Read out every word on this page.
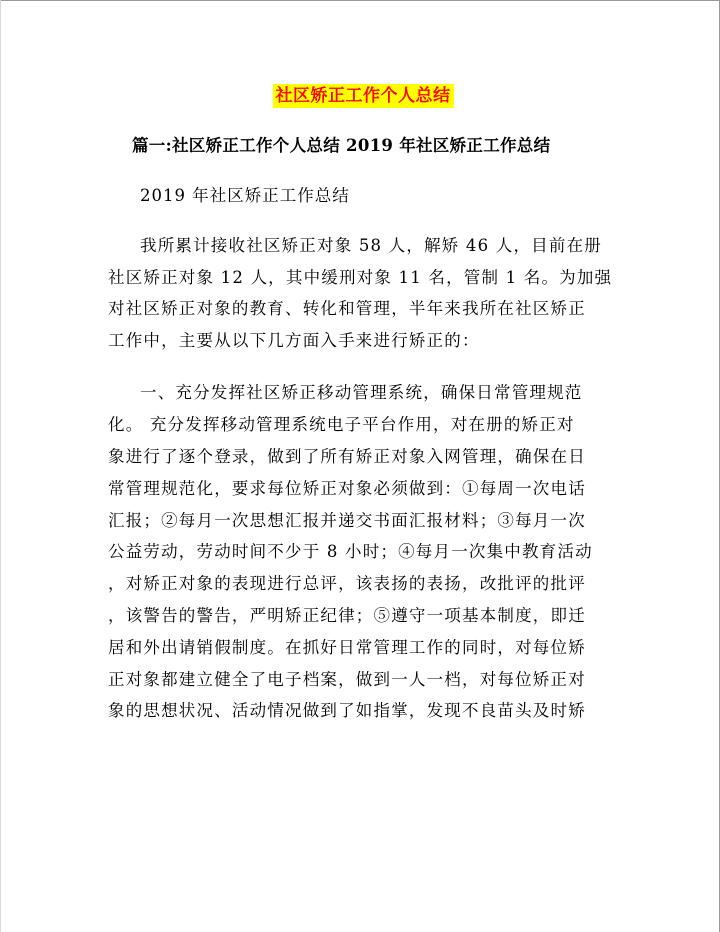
社区矫正工作个人总结
篇一:社区矫正工作个人总结 2019 年社区矫正工作总结
2019 年社区矫正工作总结
我所累计接收社区矫正对象 58 人，解矫 46 人，目前在册
社区矫正对象 12 人，其中缓刑对象 11 名，管制 1 名。为加强
对社区矫正对象的教育、转化和管理，半年来我所在社区矫正
工作中，主要从以下几方面入手来进行矫正的：
一、充分发挥社区矫正移动管理系统，确保日常管理规范
化。 充分发挥移动管理系统电子平台作用，对在册的矫正对
象进行了逐个登录，做到了所有矫正对象入网管理，确保在日
常管理规范化，要求每位矫正对象必须做到：①每周一次电话
汇报；②每月一次思想汇报并递交书面汇报材料；③每月一次
公益劳动，劳动时间不少于 8 小时；④每月一次集中教育活动
，对矫正对象的表现进行总评，该表扬的表扬，改批评的批评
，该警告的警告，严明矫正纪律；⑤遵守一项基本制度，即迁
居和外出请销假制度。在抓好日常管理工作的同时，对每位矫
正对象都建立健全了电子档案，做到一人一档，对每位矫正对
象的思想状况、活动情况做到了如指掌，发现不良苗头及时矫
